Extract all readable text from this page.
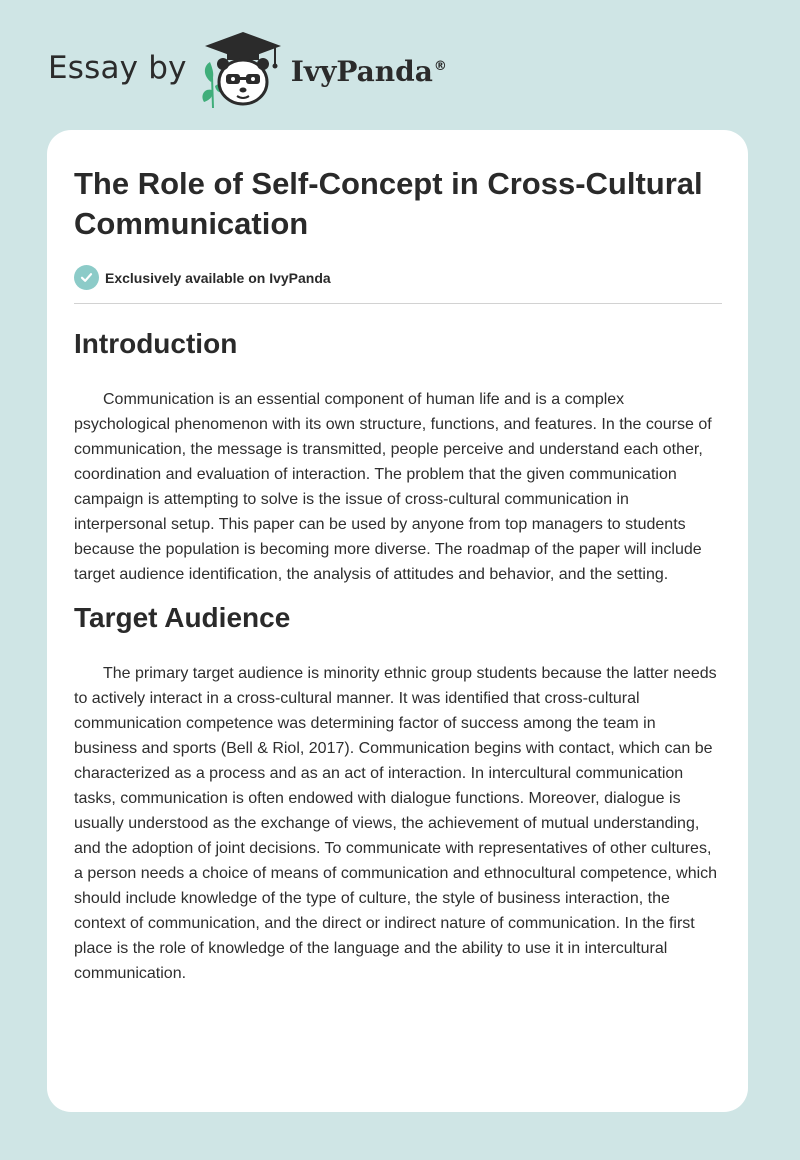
Essay by	IvyPanda®
The Role of Self-Concept in Cross-Cultural Communication
Exclusively available on IvyPanda
Introduction

Communication is an essential component of human life and is a complex psychological phenomenon with its own structure, functions, and features. In the course of communication, the message is transmitted, people perceive and understand each other, coordination and evaluation of interaction. The problem that the given communication campaign is attempting to solve is the issue of cross-cultural communication in interpersonal setup. This paper can be used by anyone from top managers to students because the population is becoming more diverse. The roadmap of the paper will include target audience identification, the analysis of attitudes and behavior, and the setting.

Target Audience

The primary target audience is minority ethnic group students because the latter needs to actively interact in a cross-cultural manner. It was identified that cross-cultural communication competence was determining factor of success among the team in business and sports (Bell & Riol, 2017). Communication begins with contact, which can be characterized as a process and as an act of interaction. In intercultural communication tasks, communication is often endowed with dialogue functions. Moreover, dialogue is usually understood as the exchange of views, the achievement of mutual understanding, and the adoption of joint decisions. To communicate with representatives of other cultures, a person needs a choice of means of communication and ethnocultural competence, which should include knowledge of the type of culture, the style of business interaction, the context of communication, and the direct or indirect nature of communication. In the first place is the role of knowledge of the language and the ability to use it in intercultural communication.
